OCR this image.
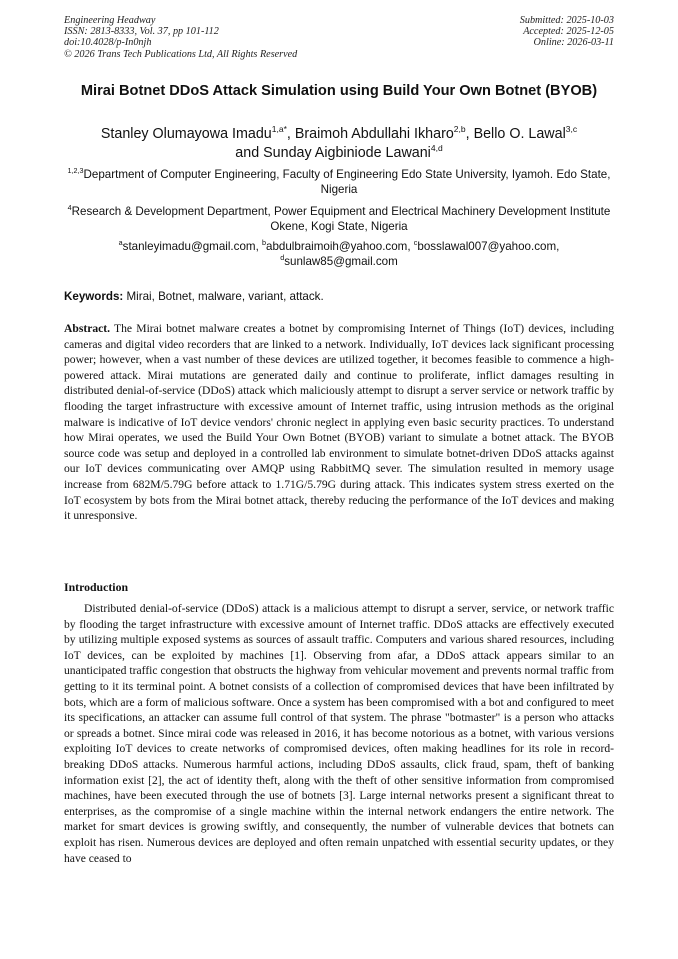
Engineering Headway
ISSN: 2813-8333, Vol. 37, pp 101-112
doi:10.4028/p-In0njh
© 2026 Trans Tech Publications Ltd, All Rights Reserved
Submitted: 2025-10-03
Accepted: 2025-12-05
Online: 2026-03-11
Mirai Botnet DDoS Attack Simulation using Build Your Own Botnet (BYOB)
Stanley Olumayowa Imadu$^{1,a*}$, Braimoh Abdullahi Ikharo$^{2,b}$, Bello O. Lawal$^{3,c}$
and Sunday Aigbiniode Lawani$^{4,d}$
$^{1,2,3}$Department of Computer Engineering, Faculty of Engineering Edo State University, Iyamoh. Edo State, Nigeria
$^4$Research & Development Department, Power Equipment and Electrical Machinery Development Institute Okene, Kogi State, Nigeria
$^a$stanleyimadu@gmail.com, $^b$abdulbraimoih@yahoo.com, $^c$bosslawal007@yahoo.com,
$^d$sunlaw85@gmail.com
Keywords: Mirai, Botnet, malware, variant, attack.

Abstract. The Mirai botnet malware creates a botnet by compromising Internet of Things (IoT) devices, including cameras and digital video recorders that are linked to a network. Individually, IoT devices lack significant processing power; however, when a vast number of these devices are utilized together, it becomes feasible to commence a high-powered attack. Mirai mutations are generated daily and continue to proliferate, inflict damages resulting in distributed denial-of-service (DDoS) attack which maliciously attempt to disrupt a server service or network traffic by flooding the target infrastructure with excessive amount of Internet traffic, using intrusion methods as the original malware is indicative of IoT device vendors' chronic neglect in applying even basic security practices. To understand how Mirai operates, we used the Build Your Own Botnet (BYOB) variant to simulate a botnet attack. The BYOB source code was setup and deployed in a controlled lab environment to simulate botnet-driven DDoS attacks against our IoT devices communicating over AMQP using RabbitMQ sever. The simulation resulted in memory usage increase from 682M/5.79G before attack to 1.71G/5.79G during attack. This indicates system stress exerted on the IoT ecosystem by bots from the Mirai botnet attack, thereby reducing the performance of the IoT devices and making it unresponsive.

Introduction

Distributed denial-of-service (DDoS) attack is a malicious attempt to disrupt a server, service, or network traffic by flooding the target infrastructure with excessive amount of Internet traffic. DDoS attacks are effectively executed by utilizing multiple exposed systems as sources of assault traffic. Computers and various shared resources, including IoT devices, can be exploited by machines [1]. Observing from afar, a DDoS attack appears similar to an unanticipated traffic congestion that obstructs the highway from vehicular movement and prevents normal traffic from getting to it its terminal point. A botnet consists of a collection of compromised devices that have been infiltrated by bots, which are a form of malicious software. Once a system has been compromised with a bot and configured to meet its specifications, an attacker can assume full control of that system. The phrase "botmaster" is a person who attacks or spreads a botnet. Since mirai code was released in 2016, it has become notorious as a botnet, with various versions exploiting IoT devices to create networks of compromised devices, often making headlines for its role in record-breaking DDoS attacks. Numerous harmful actions, including DDoS assaults, click fraud, spam, theft of banking information exist [2], the act of identity theft, along with the theft of other sensitive information from compromised machines, have been executed through the use of botnets [3]. Large internal networks present a significant threat to enterprises, as the compromise of a single machine within the internal network endangers the entire network. The market for smart devices is growing swiftly, and consequently, the number of vulnerable devices that botnets can exploit has risen. Numerous devices are deployed and often remain unpatched with essential security updates, or they have ceased to
